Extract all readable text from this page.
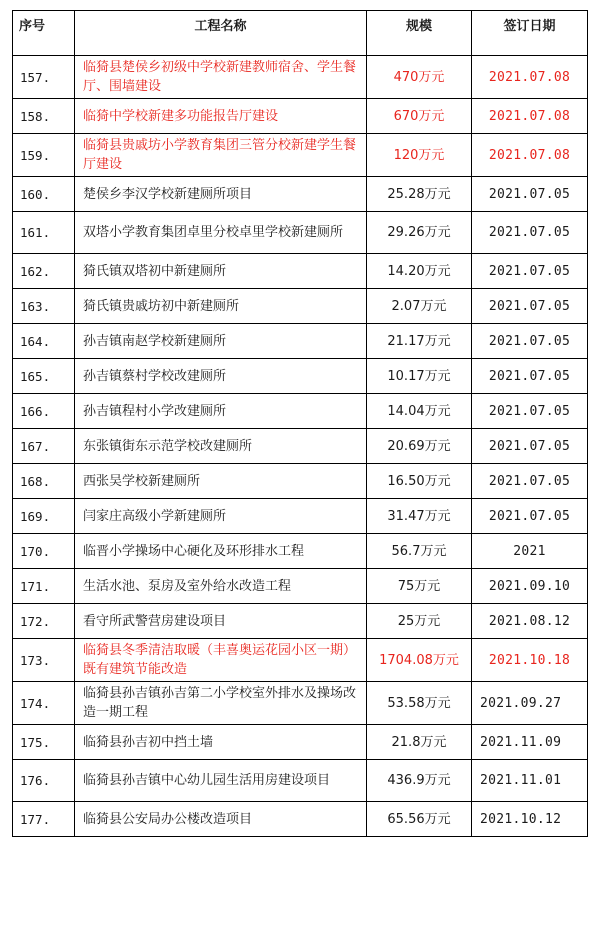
序号	工程名称	规模	签订日期
157.	临猗县楚侯乡初级中学校新建教师宿舍、学生餐厅、围墙建设	470万元	2021.07.08
158.	临猗中学校新建多功能报告厅建设	670万元	2021.07.08
159.	临猗县贵戚坊小学教育集团三管分校新建学生餐厅建设	120万元	2021.07.08
160.	楚侯乡李汉学校新建厕所项目	25.28万元	2021.07.05
161.	双塔小学教育集团卓里分校卓里学校新建厕所	29.26万元	2021.07.05
162.	猗氏镇双塔初中新建厕所	14.20万元	2021.07.05
163.	猗氏镇贵戚坊初中新建厕所	2.07万元	2021.07.05
164.	孙吉镇南赵学校新建厕所	21.17万元	2021.07.05
165.	孙吉镇蔡村学校改建厕所	10.17万元	2021.07.05
166.	孙吉镇程村小学改建厕所	14.04万元	2021.07.05
167.	东张镇街东示范学校改建厕所	20.69万元	2021.07.05
168.	西张吴学校新建厕所	16.50万元	2021.07.05
169.	闫家庄高级小学新建厕所	31.47万元	2021.07.05
170.	临晋小学操场中心硬化及环形排水工程	56.7万元	2021
171.	生活水池、泵房及室外给水改造工程	75万元	2021.09.10
172.	看守所武警营房建设项目	25万元	2021.08.12
173.	临猗县冬季清洁取暖（丰喜奥运花园小区一期）既有建筑节能改造	1704.08万元	2021.10.18
174.	临猗县孙吉镇孙吉第二小学校室外排水及操场改造一期工程	53.58万元	2021.09.27
175.	临猗县孙吉初中挡土墙	21.8万元	2021.11.09
176.	临猗县孙吉镇中心幼儿园生活用房建设项目	436.9万元	2021.11.01
177.	临猗县公安局办公楼改造项目	65.56万元	2021.10.12
